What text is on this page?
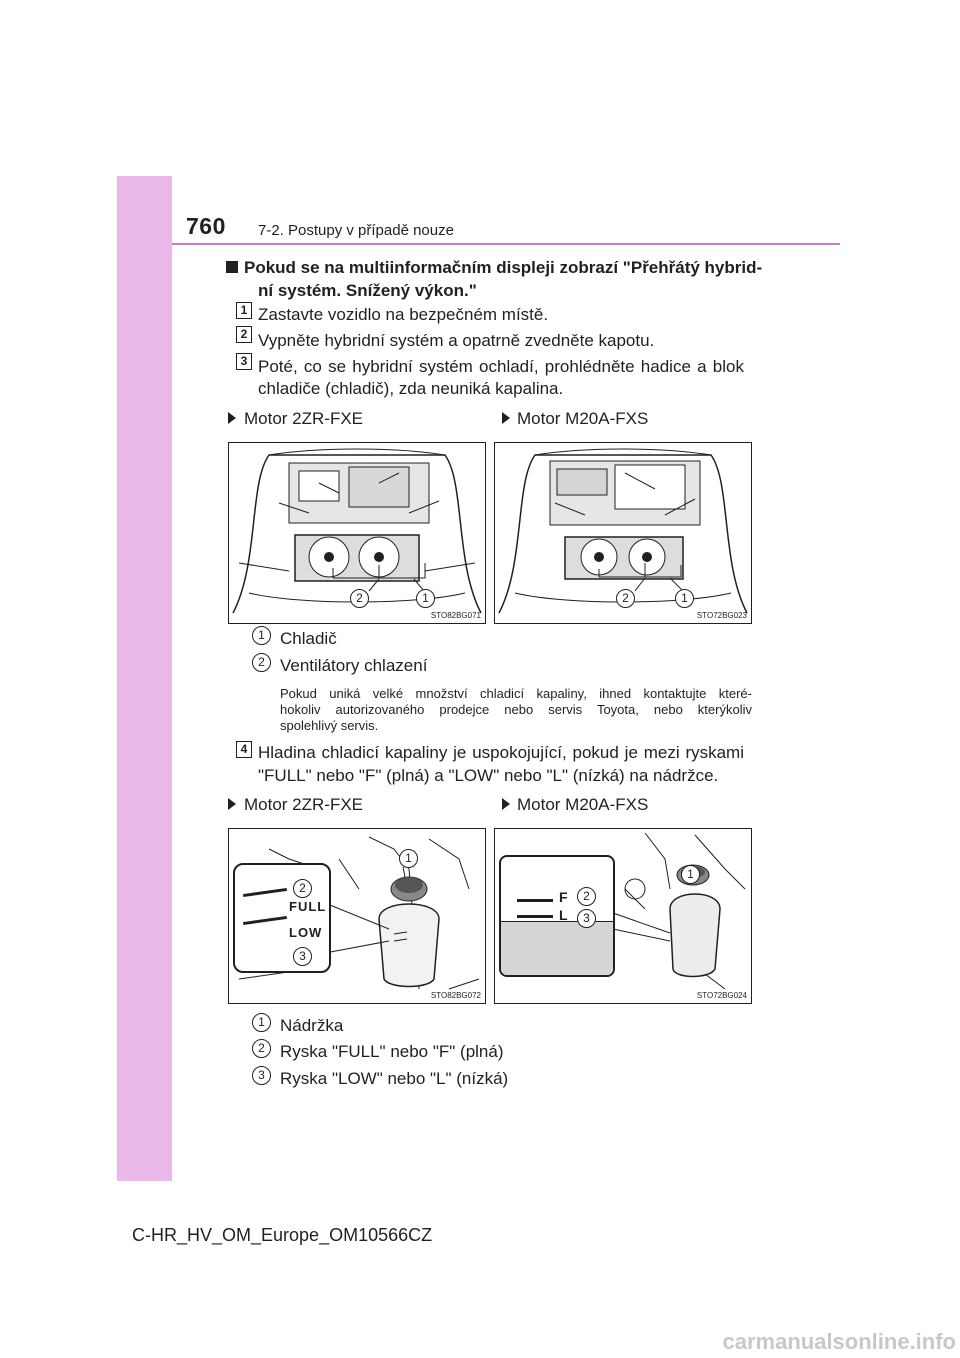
760 7-2. Postupy v případě nouze
Pokud se na multiinformačním displeji zobrazí "Přehřátý hybrid-
ní systém. Snížený výkon."
1 Zastavte vozidlo na bezpečném místě.
2 Vypněte hybridní systém a opatrně zvedněte kapotu.
3 Poté, co se hybridní systém ochladí, prohlédněte hadice a blok
chladiče (chladič), zda neuniká kapalina.
Motor 2ZR-FXE	Motor M20A-FXS
2	1
STO82BG071
2	1
STO72BG023
1 Chladič
2 Ventilátory chlazení
Pokud uniká velké množství chladicí kapaliny, ihned kontaktujte které-
hokoliv autorizovaného prodejce nebo servis Toyota, nebo kterýkoliv
spolehlivý servis.
4 Hladina chladicí kapaliny je uspokojující, pokud je mezi ryskami
"FULL" nebo "F" (plná) a "LOW" nebo "L" (nízká) na nádržce.
Motor 2ZR-FXE	Motor M20A-FXS
FULL
LOW
2
3
1
STO82BG072
F
L
2
3
1
STO72BG024
1 Nádržka
2 Ryska "FULL" nebo "F" (plná)
3 Ryska "LOW" nebo "L" (nízká)
C-HR_HV_OM_Europe_OM10566CZ
carmanualsonline.info
